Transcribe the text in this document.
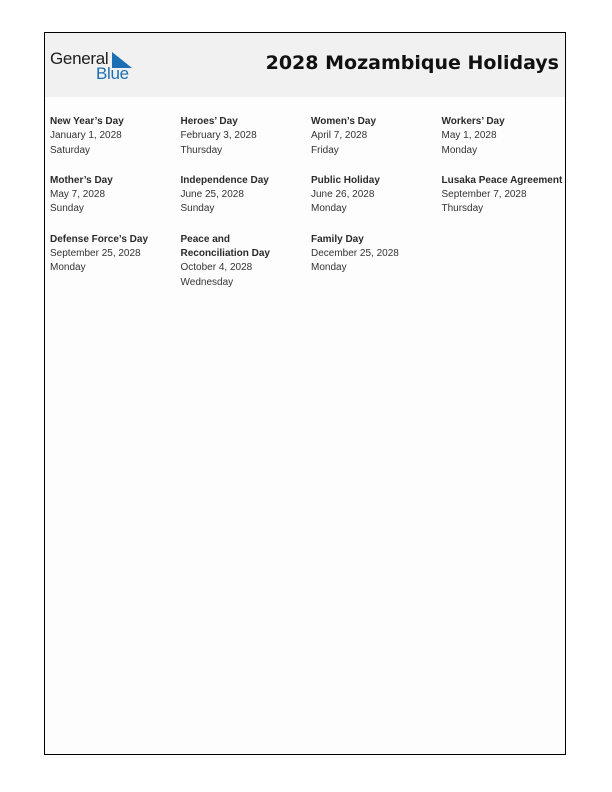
General
Blue	2028 Mozambique Holidays
New Year’s Day
January 1, 2028
Saturday
Heroes’ Day
February 3, 2028
Thursday
Women’s Day
April 7, 2028
Friday
Workers’ Day
May 1, 2028
Monday
Mother’s Day
May 7, 2028
Sunday
Independence Day
June 25, 2028
Sunday
Public Holiday
June 26, 2028
Monday
Lusaka Peace Agreement
September 7, 2028
Thursday
Defense Force’s Day
September 25, 2028
Monday
Peace and
Reconciliation Day
October 4, 2028
Wednesday
Family Day
December 25, 2028
Monday
